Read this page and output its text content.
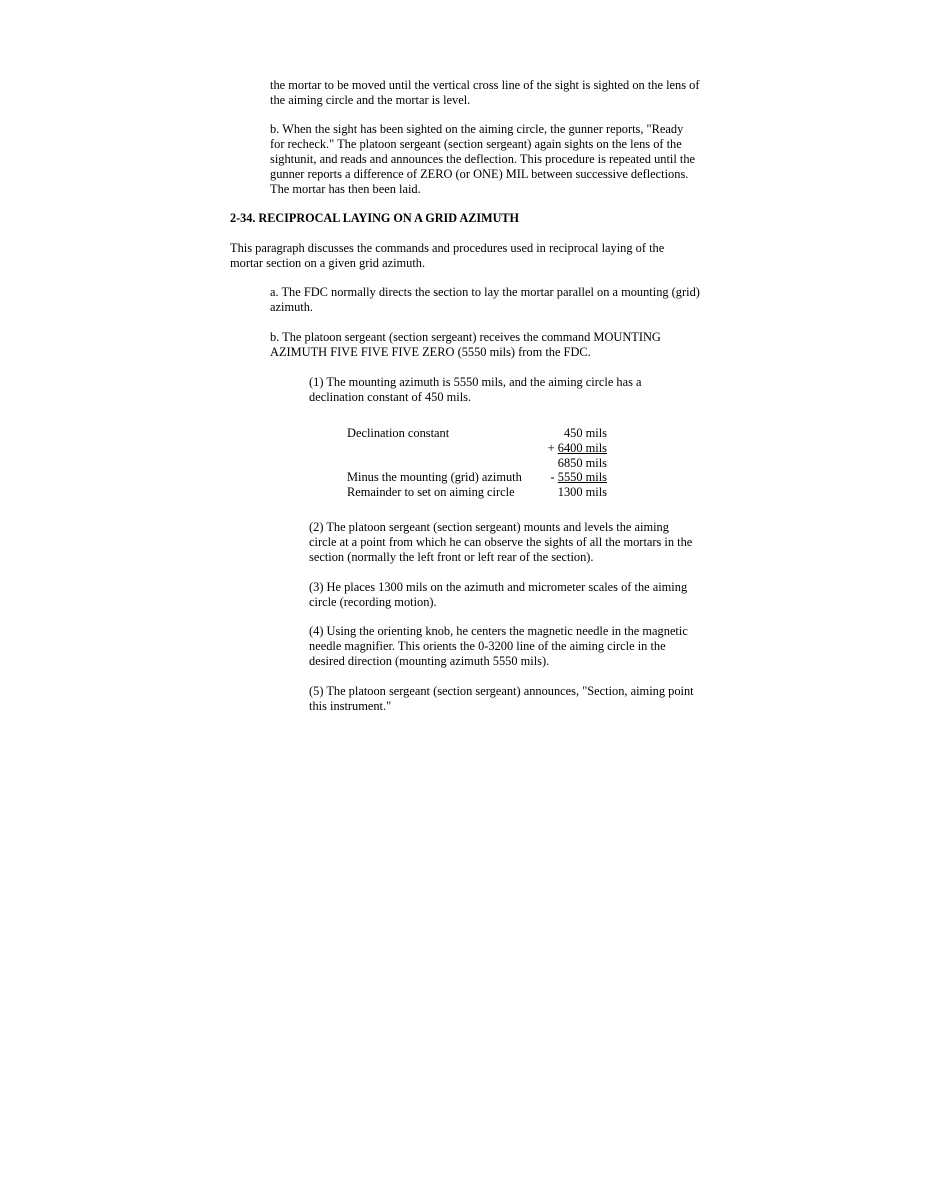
the mortar to be moved until the vertical cross line of the sight is sighted on the lens of the aiming circle and the mortar is level.

b. When the sight has been sighted on the aiming circle, the gunner reports, "Ready for recheck." The platoon sergeant (section sergeant) again sights on the lens of the sightunit, and reads and announces the deflection. This procedure is repeated until the gunner reports a difference of ZERO (or ONE) MIL between successive deflections. The mortar has then been laid.

2-34. RECIPROCAL LAYING ON A GRID AZIMUTH

This paragraph discusses the commands and procedures used in reciprocal laying of the mortar section on a given grid azimuth.

a. The FDC normally directs the section to lay the mortar parallel on a mounting (grid) azimuth.

b. The platoon sergeant (section sergeant) receives the command MOUNTING AZIMUTH FIVE FIVE FIVE ZERO (5550 mils) from the FDC.

(1) The mounting azimuth is 5550 mils, and the aiming circle has a declination constant of 450 mils.

Declination constant	450 mils
+ 6400 mils
6850 mils
Minus the mounting (grid) azimuth - 5550 mils
Remainder to set on aiming circle	1300 mils

(2) The platoon sergeant (section sergeant) mounts and levels the aiming circle at a point from which he can observe the sights of all the mortars in the section (normally the left front or left rear of the section).

(3) He places 1300 mils on the azimuth and micrometer scales of the aiming circle (recording motion).

(4) Using the orienting knob, he centers the magnetic needle in the magnetic needle magnifier. This orients the 0-3200 line of the aiming circle in the desired direction (mounting azimuth 5550 mils).

(5) The platoon sergeant (section sergeant) announces, "Section, aiming point this instrument."
